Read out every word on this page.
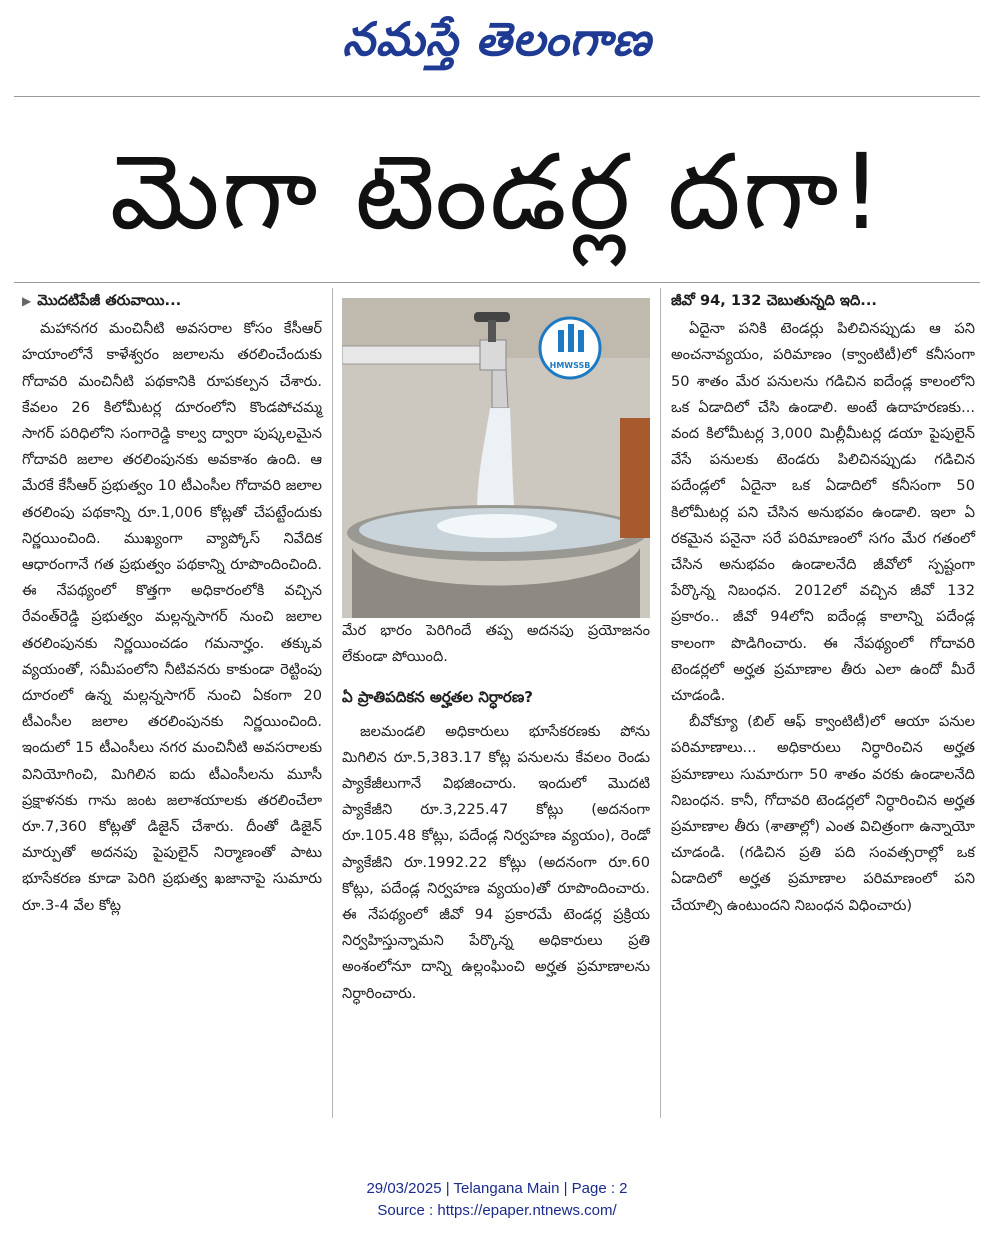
నమస్తే తెలంగాణ
మెగా టెండర్ల దగా!
▶ మొదటిపేజీ తరువాయి...

మహానగర మంచినీటి అవసరాల కోసం కేసీఆర్ హయాంలోనే కాళేశ్వరం జలాలను తరలించేందుకు గోదావరి మంచినీటి పథకానికి రూపకల్పన చేశారు. కేవలం 26 కిలోమీటర్ల దూరంలోని కొండపోచమ్మ సాగర్ పరిధిలోని సంగారెడ్డి కాల్వ ద్వారా పుష్కలమైన గోదావరి జలాల తరలింపునకు అవకాశం ఉంది. ఆ మేరకే కేసీఆర్ ప్రభుత్వం 10 టీఎంసీల గోదావరి జలాల తరలింపు పథకాన్ని రూ.1,006 కోట్లతో చేపట్టేందుకు నిర్ణయించింది. ముఖ్యంగా వ్యాప్కోస్ నివేదిక ఆధారంగానే గత ప్రభుత్వం పథకాన్ని రూపొందించింది. ఈ నేపథ్యంలో కొత్తగా అధికారంలోకి వచ్చిన రేవంత్‌రెడ్డి ప్రభుత్వం మల్లన్నసాగర్ నుంచి జలాల తరలింపునకు నిర్ణయించడం గమనార్హం. తక్కువ వ్యయంతో, సమీపంలోని నీటివనరు కాకుండా రెట్టింపు దూరంలో ఉన్న మల్లన్నసాగర్ నుంచి ఏకంగా 20 టీఎంసీల జలాల తరలింపునకు నిర్ణయించింది. ఇందులో 15 టీఎంసీలు నగర మంచినీటి అవసరాలకు వినియోగించి, మిగిలిన ఐదు టీఎంసీలను మూసీ ప్రక్షాళనకు గాను జంట జలాశయాలకు తరలించేలా రూ.7,360 కోట్లతో డిజైన్ చేశారు. దీంతో డిజైన్ మార్పుతో అదనపు పైపులైన్ నిర్మాణంతో పాటు భూసేకరణ కూడా పెరిగి ప్రభుత్వ ఖజానాపై సుమారు రూ.3-4 వేల కోట్ల

HMWSSB

మేర భారం పెరిగిందే తప్ప అదనపు ప్రయోజనం లేకుండా పోయింది.

ఏ ప్రాతిపదికన అర్హతల నిర్ధారణ?

జలమండలి అధికారులు భూసేకరణకు పోను మిగిలిన రూ.5,383.17 కోట్ల పనులను కేవలం రెండు ప్యాకేజీలుగానే విభజించారు. ఇందులో మొదటి ప్యాకేజీని రూ.3,225.47 కోట్లు (అదనంగా రూ.105.48 కోట్లు, పదేండ్ల నిర్వహణ వ్యయం), రెండో ప్యాకేజీని రూ.1992.22 కోట్లు (అదనంగా రూ.60 కోట్లు, పదేండ్ల నిర్వహణ వ్యయం)తో రూపొందించారు. ఈ నేపథ్యంలో జీవో 94 ప్రకారమే టెండర్ల ప్రక్రియ నిర్వహిస్తున్నామని పేర్కొన్న అధికారులు ప్రతి అంశంలోనూ దాన్ని ఉల్లంఘించి అర్హత ప్రమాణాలను నిర్ధారించారు.

జీవో 94, 132 చెబుతున్నది ఇది...

ఏదైనా పనికి టెండర్లు పిలిచినప్పుడు ఆ పని అంచనావ్యయం, పరిమాణం (క్వాంటిటీ)లో కనీసంగా 50 శాతం మేర పనులను గడిచిన ఐదేండ్ల కాలంలోని ఒక ఏడాదిలో చేసి ఉండాలి. అంటే ఉదాహరణకు... వంద కిలోమీటర్ల 3,000 మిల్లీమీటర్ల డయా పైపులైన్ వేసే పనులకు టెండరు పిలిచినప్పుడు గడిచిన పదేండ్లలో ఏదైనా ఒక ఏడాదిలో కనీసంగా 50 కిలోమీటర్ల పని చేసిన అనుభవం ఉండాలి. ఇలా ఏ రకమైన పనైనా సరే పరిమాణంలో సగం మేర గతంలో చేసిన అనుభవం ఉండాలనేది జీవోలో స్పష్టంగా పేర్కొన్న నిబంధన. 2012లో వచ్చిన జీవో 132 ప్రకారం.. జీవో 94లోని ఐదేండ్ల కాలాన్ని పదేండ్ల కాలంగా పొడిగించారు. ఈ నేపథ్యంలో గోదావరి టెండర్లలో అర్హత ప్రమాణాల తీరు ఎలా ఉందో మీరే చూడండి.

బీవోక్యూ (బిల్ ఆఫ్ క్వాంటిటీ)లో ఆయా పనుల పరిమాణాలు... అధికారులు నిర్ధారించిన అర్హత ప్రమాణాలు సుమారుగా 50 శాతం వరకు ఉండాలనేది నిబంధన. కానీ, గోదావరి టెండర్లలో నిర్ధారించిన అర్హత ప్రమాణాల తీరు (శాతాల్లో) ఎంత విచిత్రంగా ఉన్నాయో చూడండి. (గడిచిన ప్రతి పది సంవత్సరాల్లో ఒక ఏడాదిలో అర్హత ప్రమాణాల పరిమాణంలో పని చేయాల్సి ఉంటుందని నిబంధన విధించారు)

29/03/2025 | Telangana Main | Page : 2
Source : https://epaper.ntnews.com/
